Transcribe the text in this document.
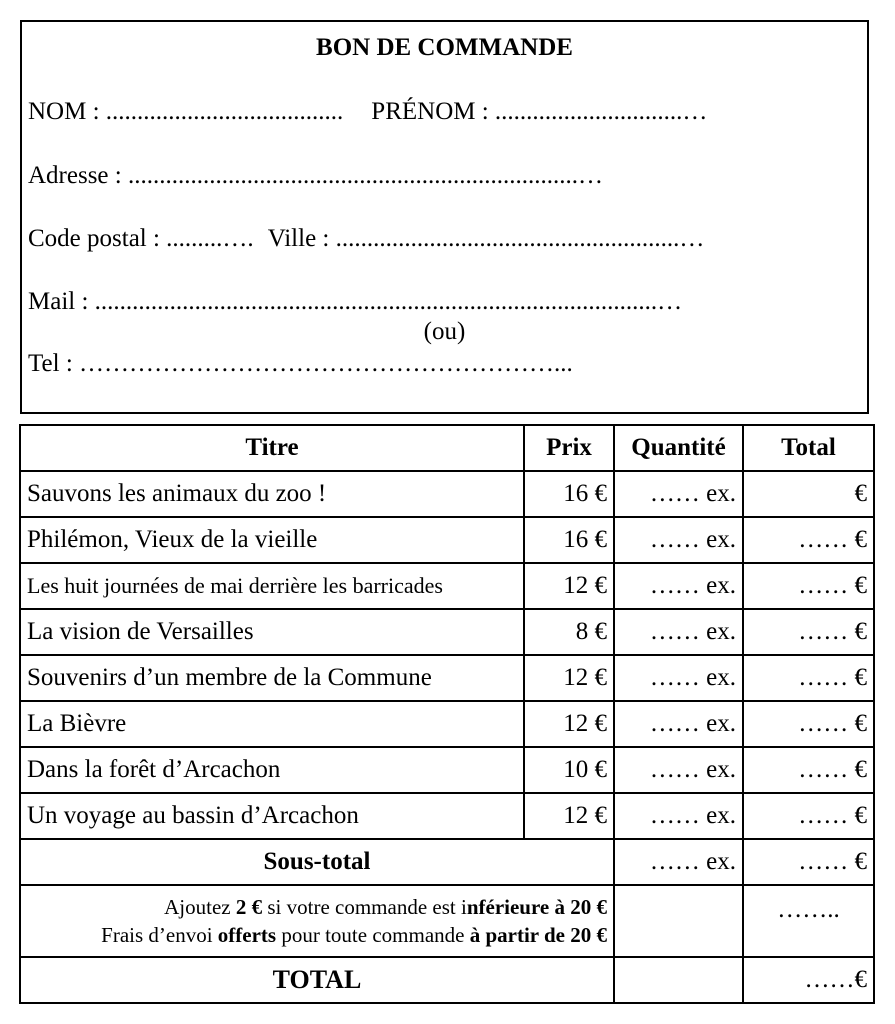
BON DE COMMANDE
NOM : ...................................... PRÉNOM : ..............................…
Adresse : ........................................................................…
Code postal : .........…. Ville : .......................................................…
Mail : ..........................................................................................…
(ou)
Tel : …………………………………………………...
Titre	Prix	Quantité	Total
Sauvons les animaux du zoo !	16 €	…… ex.	€
Philémon, Vieux de la vieille	16 €	…… ex.	…… €
Les huit journées de mai derrière les barricades	12 €	…… ex.	…… €
La vision de Versailles	8 €	…… ex.	…… €
Souvenirs d’un membre de la Commune	12 €	…… ex.	…… €
La Bièvre	12 €	…… ex.	…… €
Dans la forêt d’Arcachon	10 €	…… ex.	…… €
Un voyage au bassin d’Arcachon	12 €	…… ex.	…… €
Sous-total		…… ex.	…… €

Ajoutez 2 € si votre commande est inférieure à 20 €
Frais d’envoi offerts pour toute commande à partir de 20 €			……..
TOTAL			……€
